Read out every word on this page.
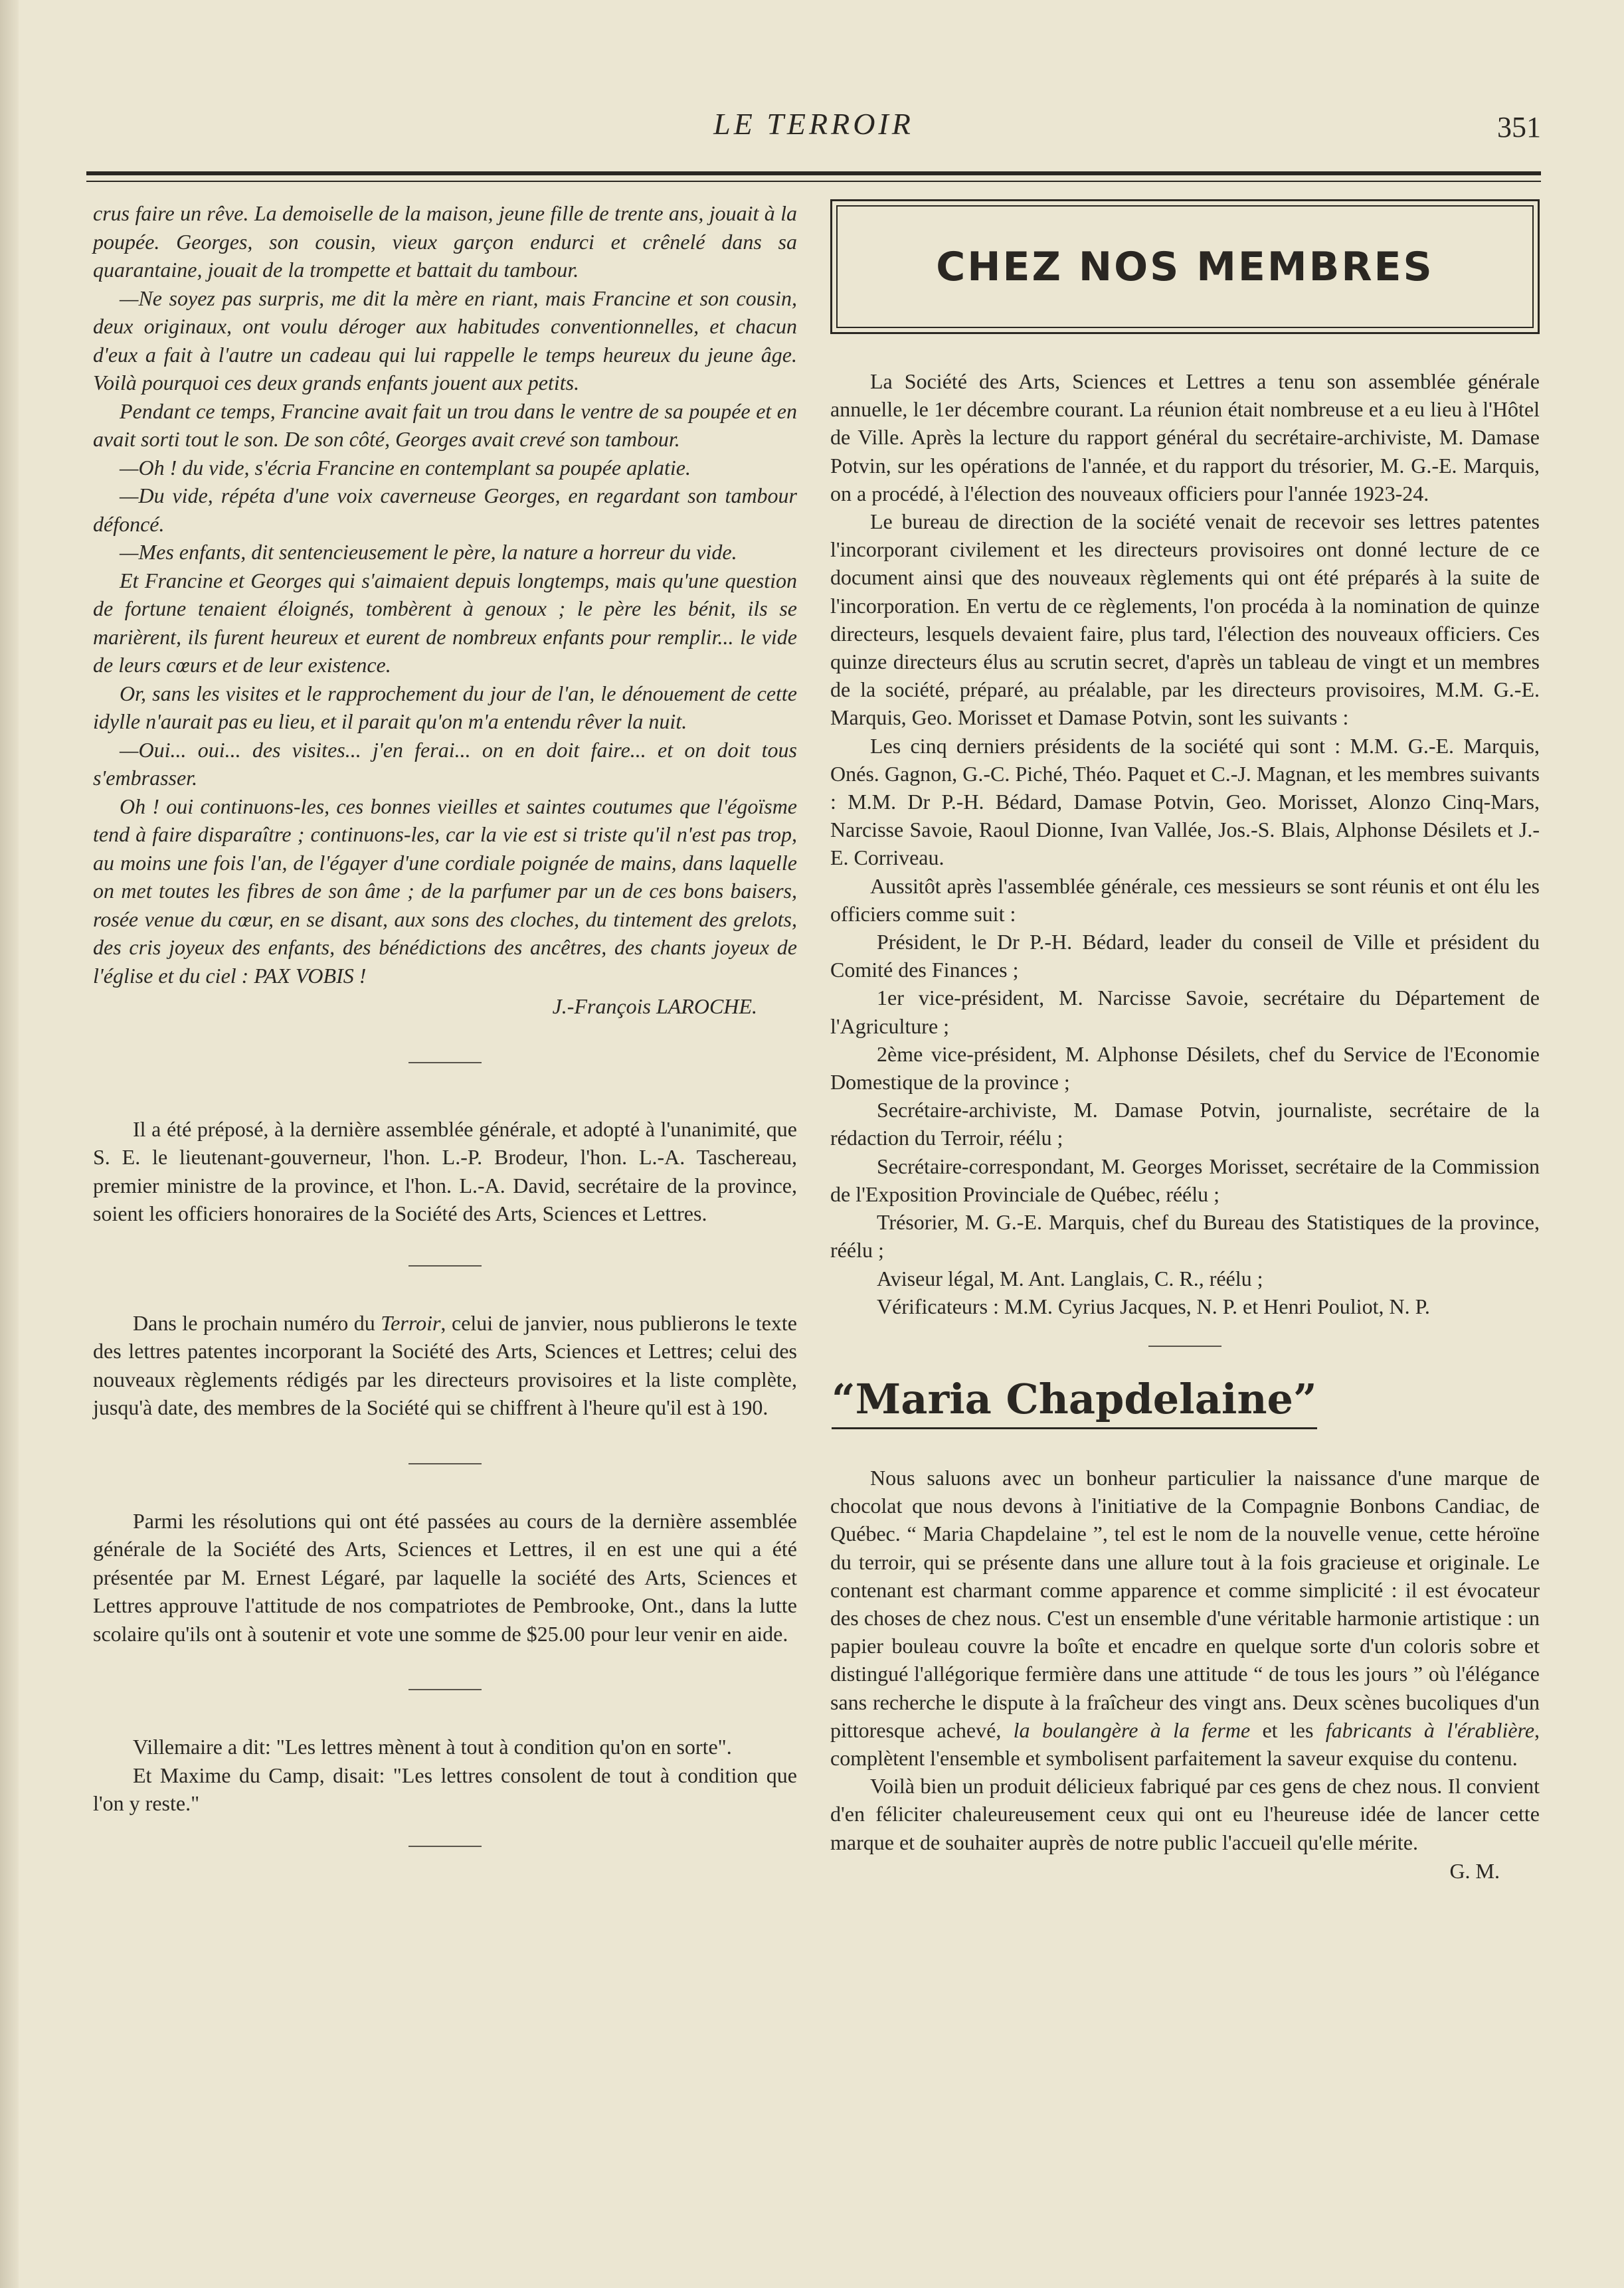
LE TERROIR	351

crus faire un rêve. La demoiselle de la maison, jeune fille de trente ans, jouait à la poupée. Georges, son cousin, vieux garçon endurci et crênelé dans sa quarantaine, jouait de la trompette et battait du tambour.

—Ne soyez pas surpris, me dit la mère en riant, mais Francine et son cousin, deux originaux, ont voulu déroger aux habitudes conventionnelles, et chacun d'eux a fait à l'autre un cadeau qui lui rappelle le temps heureux du jeune âge. Voilà pourquoi ces deux grands enfants jouent aux petits.

Pendant ce temps, Francine avait fait un trou dans le ventre de sa poupée et en avait sorti tout le son. De son côté, Georges avait crevé son tambour.

—Oh ! du vide, s'écria Francine en contemplant sa poupée aplatie.

—Du vide, répéta d'une voix caverneuse Georges, en regardant son tambour défoncé.

—Mes enfants, dit sentencieusement le père, la nature a horreur du vide.

Et Francine et Georges qui s'aimaient depuis longtemps, mais qu'une question de fortune tenaient éloignés, tombèrent à genoux ; le père les bénit, ils se marièrent, ils furent heureux et eurent de nombreux enfants pour remplir... le vide de leurs cœurs et de leur existence.

Or, sans les visites et le rapprochement du jour de l'an, le dénouement de cette idylle n'aurait pas eu lieu, et il parait qu'on m'a entendu rêver la nuit.

—Oui... oui... des visites... j'en ferai... on en doit faire... et on doit tous s'embrasser.

Oh ! oui continuons-les, ces bonnes vieilles et saintes coutumes que l'égoïsme tend à faire disparaître ; continuons-les, car la vie est si triste qu'il n'est pas trop, au moins une fois l'an, de l'égayer d'une cordiale poignée de mains, dans laquelle on met toutes les fibres de son âme ; de la parfumer par un de ces bons baisers, rosée venue du cœur, en se disant, aux sons des cloches, du tintement des grelots, des cris joyeux des enfants, des bénédictions des ancêtres, des chants joyeux de l'église et du ciel : PAX VOBIS !

J.-François LAROCHE.

Il a été préposé, à la dernière assemblée générale, et adopté à l'unanimité, que S. E. le lieutenant-gouverneur, l'hon. L.-P. Brodeur, l'hon. L.-A. Taschereau, premier ministre de la province, et l'hon. L.-A. David, secrétaire de la province, soient les officiers honoraires de la Société des Arts, Sciences et Lettres.

Dans le prochain numéro du Terroir, celui de janvier, nous publierons le texte des lettres patentes incorporant la Société des Arts, Sciences et Lettres; celui des nouveaux règlements rédigés par les directeurs provisoires et la liste complète, jusqu'à date, des membres de la Société qui se chiffrent à l'heure qu'il est à 190.

Parmi les résolutions qui ont été passées au cours de la dernière assemblée générale de la Société des Arts, Sciences et Lettres, il en est une qui a été présentée par M. Ernest Légaré, par laquelle la société des Arts, Sciences et Lettres approuve l'attitude de nos compatriotes de Pembrooke, Ont., dans la lutte scolaire qu'ils ont à soutenir et vote une somme de $25.00 pour leur venir en aide.

Villemaire a dit: "Les lettres mènent à tout à condition qu'on en sorte".

Et Maxime du Camp, disait: "Les lettres consolent de tout à condition que l'on y reste."

CHEZ NOS MEMBRES

La Société des Arts, Sciences et Lettres a tenu son assemblée générale annuelle, le 1er décembre courant. La réunion était nombreuse et a eu lieu à l'Hôtel de Ville. Après la lecture du rapport général du secrétaire-archiviste, M. Damase Potvin, sur les opérations de l'année, et du rapport du trésorier, M. G.-E. Marquis, on a procédé, à l'élection des nouveaux officiers pour l'année 1923-24.

Le bureau de direction de la société venait de recevoir ses lettres patentes l'incorporant civilement et les directeurs provisoires ont donné lecture de ce document ainsi que des nouveaux règlements qui ont été préparés à la suite de l'incorporation. En vertu de ce règlements, l'on procéda à la nomination de quinze directeurs, lesquels devaient faire, plus tard, l'élection des nouveaux officiers. Ces quinze directeurs élus au scrutin secret, d'après un tableau de vingt et un membres de la société, préparé, au préalable, par les directeurs provisoires, M.M. G.-E. Marquis, Geo. Morisset et Damase Potvin, sont les suivants :

Les cinq derniers présidents de la société qui sont : M.M. G.-E. Marquis, Onés. Gagnon, G.-C. Piché, Théo. Paquet et C.-J. Magnan, et les membres suivants : M.M. Dr P.-H. Bédard, Damase Potvin, Geo. Morisset, Alonzo Cinq-Mars, Narcisse Savoie, Raoul Dionne, Ivan Vallée, Jos.-S. Blais, Alphonse Désilets et J.-E. Corriveau.

Aussitôt après l'assemblée générale, ces messieurs se sont réunis et ont élu les officiers comme suit :

Président, le Dr P.-H. Bédard, leader du conseil de Ville et président du Comité des Finances ;

1er vice-président, M. Narcisse Savoie, secrétaire du Département de l'Agriculture ;

2ème vice-président, M. Alphonse Désilets, chef du Service de l'Economie Domestique de la province ;

Secrétaire-archiviste, M. Damase Potvin, journaliste, secrétaire de la rédaction du Terroir, réélu ;

Secrétaire-correspondant, M. Georges Morisset, secrétaire de la Commission de l'Exposition Provinciale de Québec, réélu ;

Trésorier, M. G.-E. Marquis, chef du Bureau des Statistiques de la province, réélu ;

Aviseur légal, M. Ant. Langlais, C. R., réélu ;

Vérificateurs : M.M. Cyrius Jacques, N. P. et Henri Pouliot, N. P.

“Maria Chapdelaine”

Nous saluons avec un bonheur particulier la naissance d'une marque de chocolat que nous devons à l'initiative de la Compagnie Bonbons Candiac, de Québec. “ Maria Chapdelaine ”, tel est le nom de la nouvelle venue, cette héroïne du terroir, qui se présente dans une allure tout à la fois gracieuse et originale. Le contenant est charmant comme apparence et comme simplicité : il est évocateur des choses de chez nous. C'est un ensemble d'une véritable harmonie artistique : un papier bouleau couvre la boîte et encadre en quelque sorte d'un coloris sobre et distingué l'allégorique fermière dans une attitude “ de tous les jours ” où l'élégance sans recherche le dispute à la fraîcheur des vingt ans. Deux scènes bucoliques d'un pittoresque achevé, la boulangère à la ferme et les fabricants à l'érablière, complètent l'ensemble et symbolisent parfaitement la saveur exquise du contenu.

Voilà bien un produit délicieux fabriqué par ces gens de chez nous. Il convient d'en féliciter chaleureusement ceux qui ont eu l'heureuse idée de lancer cette marque et de souhaiter auprès de notre public l'accueil qu'elle mérite.

G. M.
